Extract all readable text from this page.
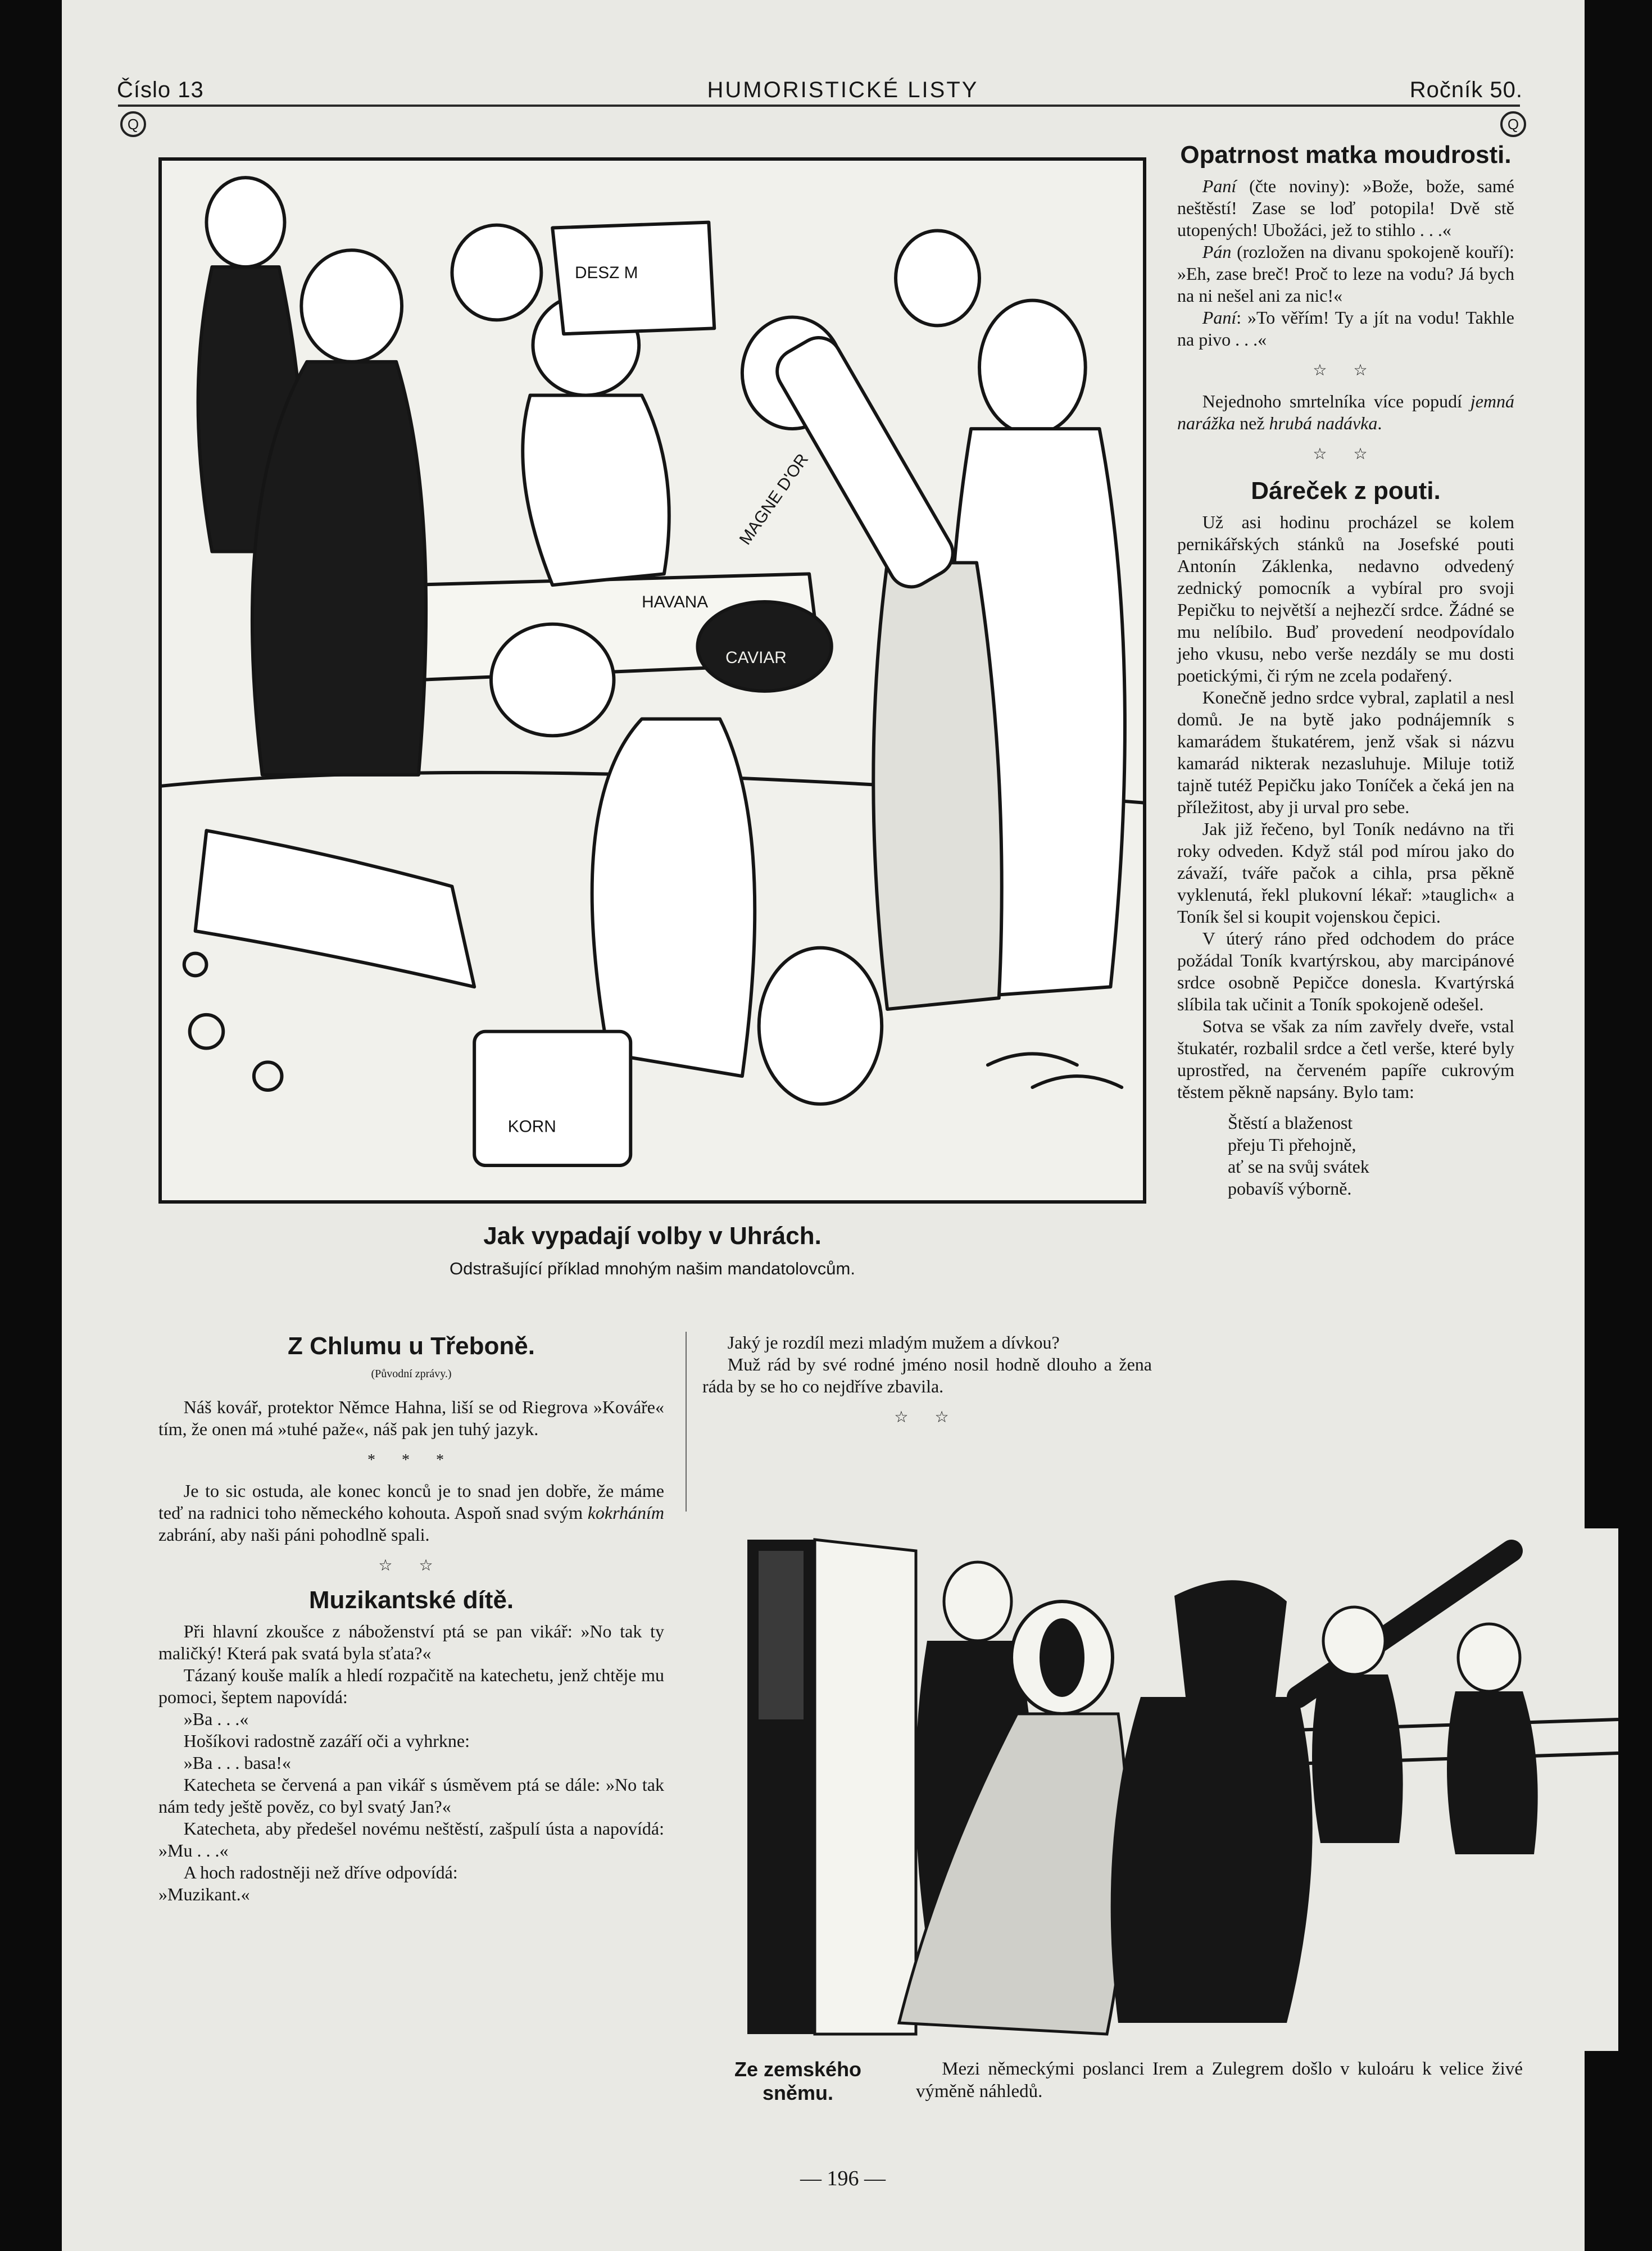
Číslo 13	HUMORISTICKÉ LISTY	Ročník 50.
Q	Q
DESZ M
HAVANA
MAGNE D'OR
CAVIAR
KORN
Jak vypadají volby v Uhrách.
Odstrašující příklad mnohým našim mandatolovcům.
Opatrnost matka moudrosti.

Paní (čte noviny): »Bože, bože, samé neštěstí! Zase se loď potopila! Dvě stě utopených! Ubožáci, jež to stihlo . . .«

Pán (rozložen na divanu spokojeně kouří): »Eh, zase breč! Proč to leze na vodu? Já bych na ni nešel ani za nic!«

Paní: »To věřím! Ty a jít na vodu! Takhle na pivo . . .«

☆ ☆

Nejednoho smrtelníka více popudí jemná narážka než hrubá nadávka.

☆ ☆
Dáreček z pouti.

Už asi hodinu procházel se kolem pernikářských stánků na Josefské pouti Antonín Záklenka, nedavno odvedený zednický pomocník a vybíral pro svoji Pepičku to největší a nejhezčí srdce. Žádné se mu nelíbilo. Buď provedení neodpovídalo jeho vkusu, nebo verše nezdály se mu dosti poetickými, či rým ne zcela podařený.

Konečně jedno srdce vybral, zaplatil a nesl domů. Je na bytě jako podnájemník s kamarádem štukatérem, jenž však si názvu kamarád nikterak nezasluhuje. Miluje totiž tajně tutéž Pepičku jako Toníček a čeká jen na příležitost, aby ji urval pro sebe.

Jak již řečeno, byl Toník nedávno na tři roky odveden. Když stál pod mírou jako do závaží, tváře pačok a cihla, prsa pěkně vyklenutá, řekl plukovní lékař: »tauglich« a Toník šel si koupit vojenskou čepici.

V úterý ráno před odchodem do práce požádal Toník kvartýrskou, aby marcipánové srdce osobně Pepičce donesla. Kvartýrská slíbila tak učinit a Toník spokojeně odešel.

Sotva se však za ním zavřely dveře, vstal štukatér, rozbalil srdce a četl verše, které byly uprostřed, na červeném papíře cukrovým těstem pěkně napsány. Bylo tam:

Štěstí a blaženost
přeju Ti přehojně,
ať se na svůj svátek
pobavíš výborně.
Z Chlumu u Třeboně.
(Původní zprávy.)

Náš kovář, protektor Němce Hahna, liší se od Riegrova »Kováře« tím, že onen má »tuhé paže«, náš pak jen tuhý jazyk.

* * *

Je to sic ostuda, ale konec konců je to snad jen dobře, že máme teď na radnici toho německého kohouta. Aspoň snad svým kokrháním zabrání, aby naši páni pohodlně spali.

☆ ☆
Muzikantské dítě.

Při hlavní zkoušce z náboženství ptá se pan vikář: »No tak ty maličký! Která pak svatá byla sťata?«

Tázaný kouše malík a hledí rozpačitě na katechetu, jenž chtěje mu pomoci, šeptem napovídá:

»Ba . . .«

Hošíkovi radostně zazáří oči a vyhrkne:

»Ba . . . basa!«

Katecheta se červená a pan vikář s úsměvem ptá se dále: »No tak nám tedy ještě pověz, co byl svatý Jan?«

Katecheta, aby předešel novému neštěstí, zašpulí ústa a napovídá: »Mu . . .«

A hoch radostněji než dříve odpovídá:

»Muzikant.«

Jaký je rozdíl mezi mladým mužem a dívkou?

Muž rád by své rodné jméno nosil hodně dlouho a žena ráda by se ho co nejdříve zbavila.

☆ ☆
Ze zemského sněmu.
Mezi německými poslanci Irem a Zulegrem došlo v kuloáru k velice živé výměně náhledů.
— 196 —
